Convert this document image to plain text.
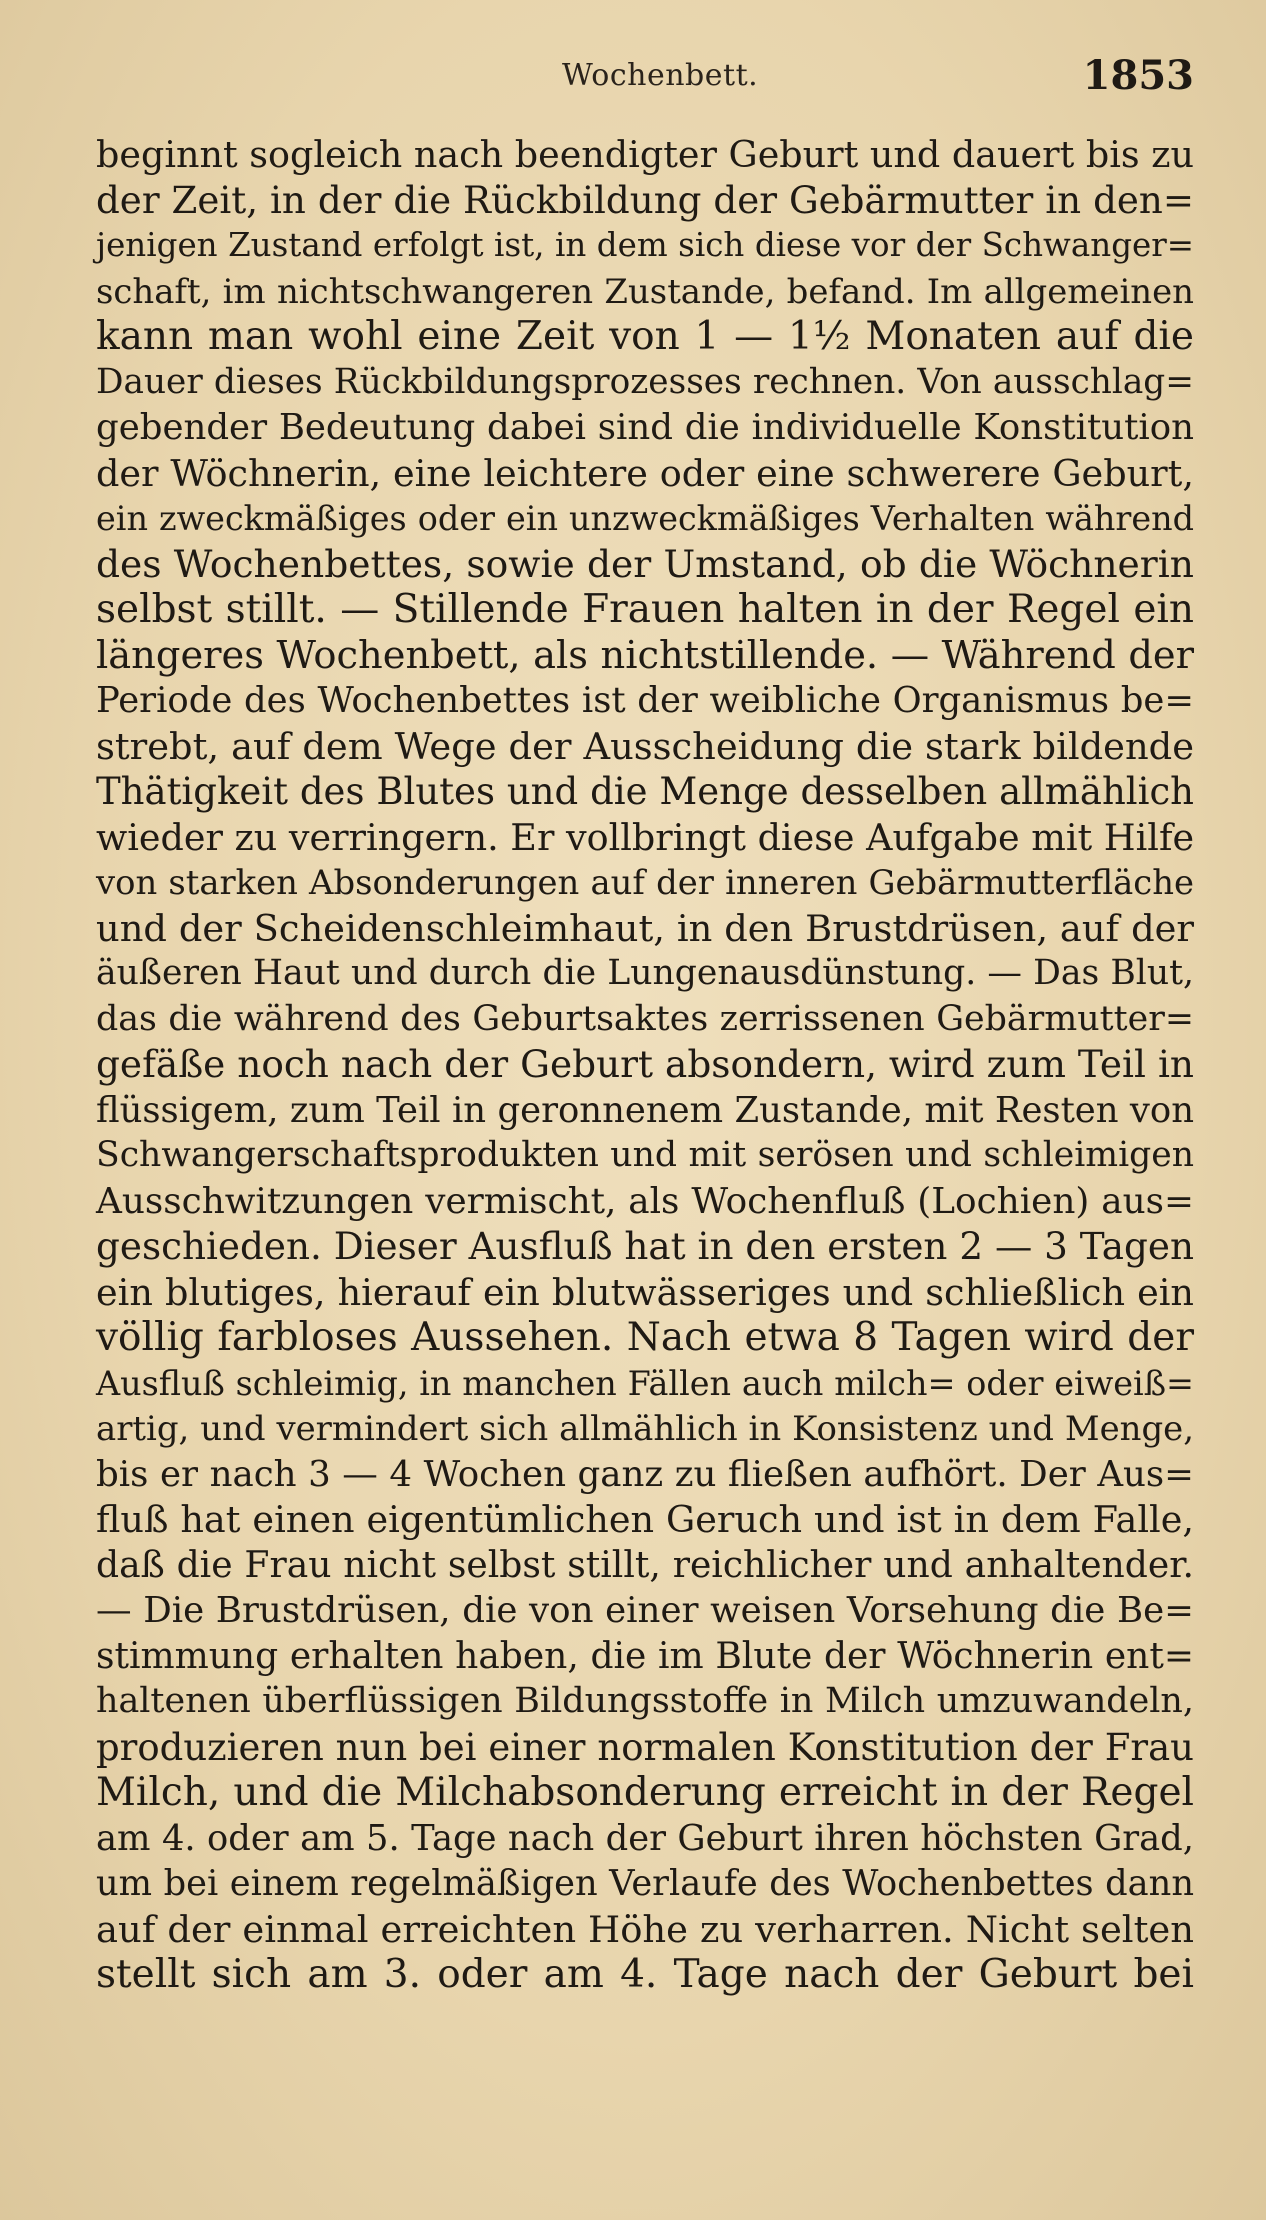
Wochenbett.	1853
beginnt sogleich nach beendigter Geburt und dauert bis zu
der Zeit, in der die Rückbildung der Gebärmutter in den=
jenigen Zustand erfolgt ist, in dem sich diese vor der Schwanger=
schaft, im nichtschwangeren Zustande, befand. Im allgemeinen
kann man wohl eine Zeit von 1 — 1½ Monaten auf die
Dauer dieses Rückbildungsprozesses rechnen. Von ausschlag=
gebender Bedeutung dabei sind die individuelle Konstitution
der Wöchnerin, eine leichtere oder eine schwerere Geburt,
ein zweckmäßiges oder ein unzweckmäßiges Verhalten während
des Wochenbettes, sowie der Umstand, ob die Wöchnerin
selbst stillt. — Stillende Frauen halten in der Regel ein
längeres Wochenbett, als nichtstillende. — Während der
Periode des Wochenbettes ist der weibliche Organismus be=
strebt, auf dem Wege der Ausscheidung die stark bildende
Thätigkeit des Blutes und die Menge desselben allmählich
wieder zu verringern. Er vollbringt diese Aufgabe mit Hilfe
von starken Absonderungen auf der inneren Gebärmutterfläche
und der Scheidenschleimhaut, in den Brustdrüsen, auf der
äußeren Haut und durch die Lungenausdünstung. — Das Blut,
das die während des Geburtsaktes zerrissenen Gebärmutter=
gefäße noch nach der Geburt absondern, wird zum Teil in
flüssigem, zum Teil in geronnenem Zustande, mit Resten von
Schwangerschaftsprodukten und mit serösen und schleimigen
Ausschwitzungen vermischt, als Wochenfluß (Lochien) aus=
geschieden. Dieser Ausfluß hat in den ersten 2 — 3 Tagen
ein blutiges, hierauf ein blutwässeriges und schließlich ein
völlig farbloses Aussehen. Nach etwa 8 Tagen wird der
Ausfluß schleimig, in manchen Fällen auch milch= oder eiweiß=
artig, und vermindert sich allmählich in Konsistenz und Menge,
bis er nach 3 — 4 Wochen ganz zu fließen aufhört. Der Aus=
fluß hat einen eigentümlichen Geruch und ist in dem Falle,
daß die Frau nicht selbst stillt, reichlicher und anhaltender.
— Die Brustdrüsen, die von einer weisen Vorsehung die Be=
stimmung erhalten haben, die im Blute der Wöchnerin ent=
haltenen überflüssigen Bildungsstoffe in Milch umzuwandeln,
produzieren nun bei einer normalen Konstitution der Frau
Milch, und die Milchabsonderung erreicht in der Regel
am 4. oder am 5. Tage nach der Geburt ihren höchsten Grad,
um bei einem regelmäßigen Verlaufe des Wochenbettes dann
auf der einmal erreichten Höhe zu verharren. Nicht selten
stellt sich am 3. oder am 4. Tage nach der Geburt bei
